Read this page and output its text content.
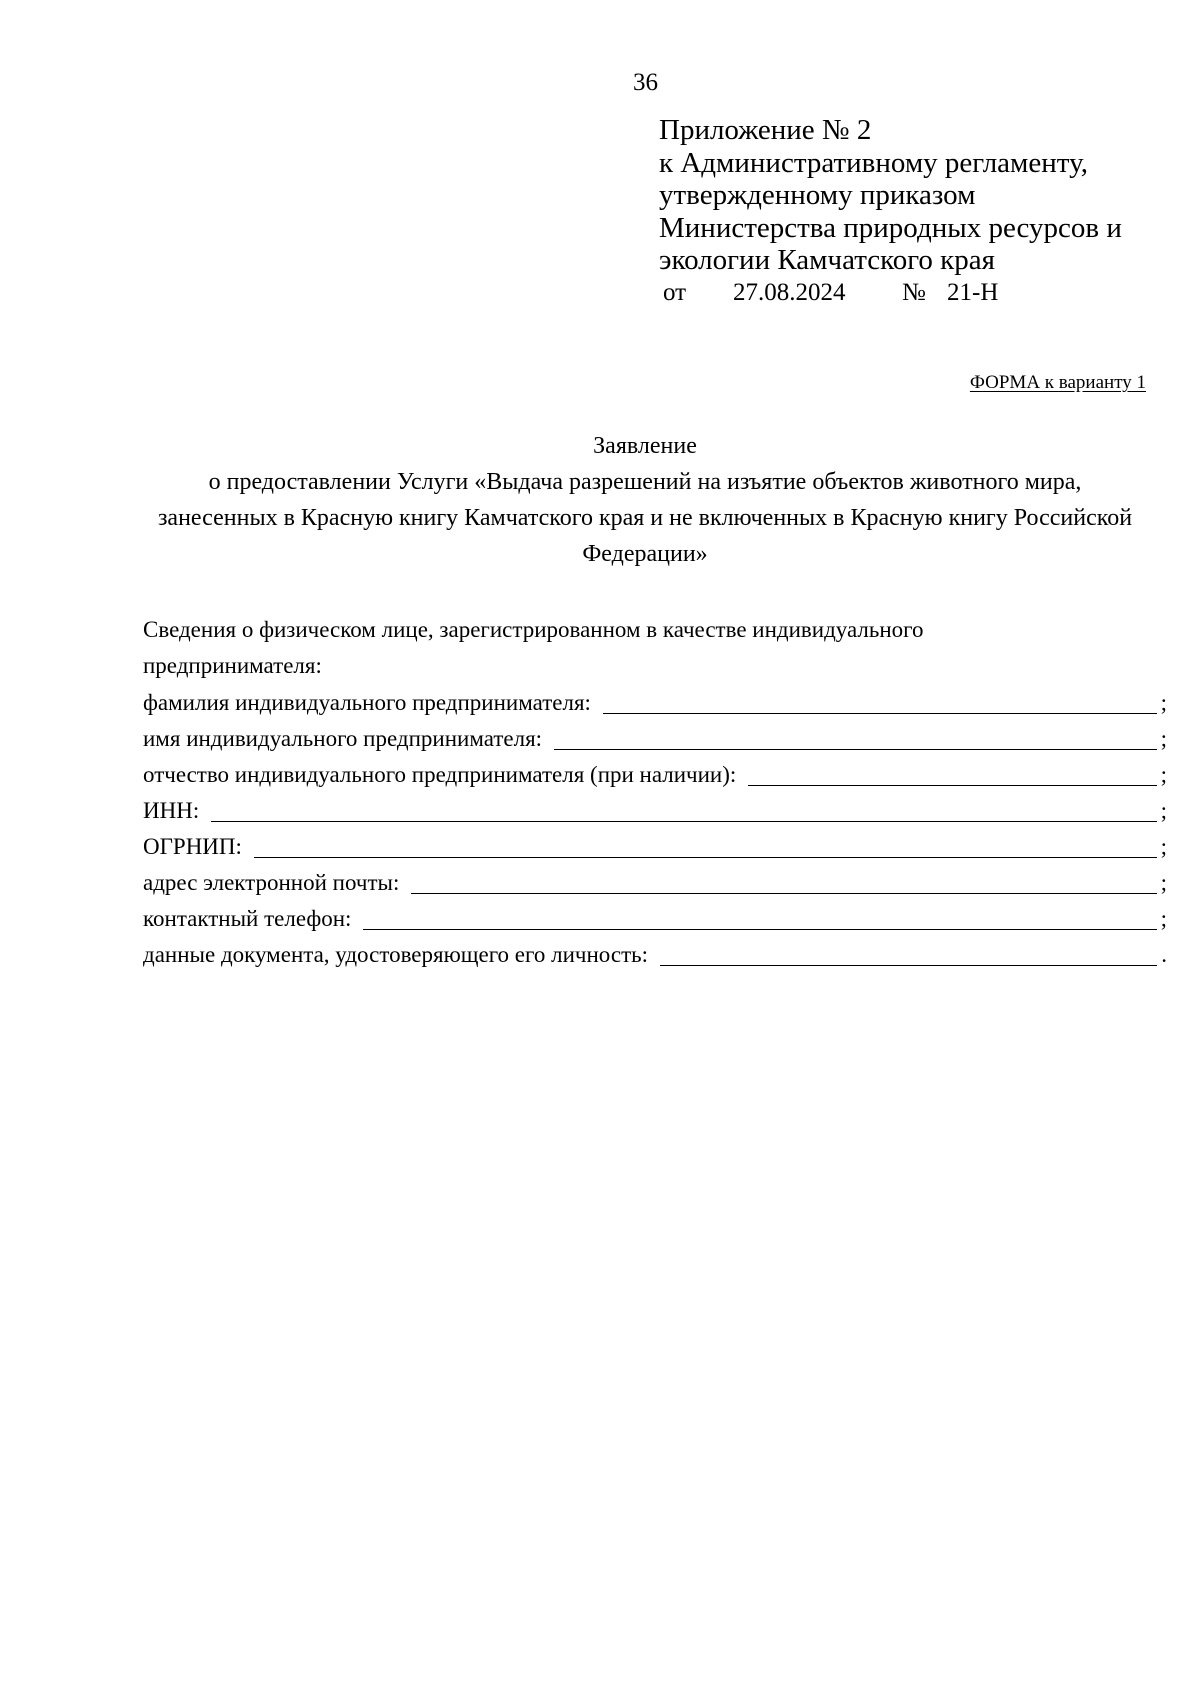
36
Приложение № 2
к Административному регламенту,
утвержденному приказом
Министерства природных ресурсов и
экологии Камчатского края
от 27.08.2024 № 21-Н
ФОРМА к варианту 1
Заявление
о предоставлении Услуги «Выдача разрешений на изъятие объектов животного мира,
занесенных в Красную книгу Камчатского края и не включенных в Красную книгу Российской
Федерации»
Сведения о физическом лице, зарегистрированном в качестве индивидуального
предпринимателя:
фамилия индивидуального предпринимателя:	;
имя индивидуального предпринимателя:	;
отчество индивидуального предпринимателя (при наличии):	;
ИНН:	;
ОГРНИП:	;
адрес электронной почты:	;
контактный телефон:	;
данные документа, удостоверяющего его личность:	.
